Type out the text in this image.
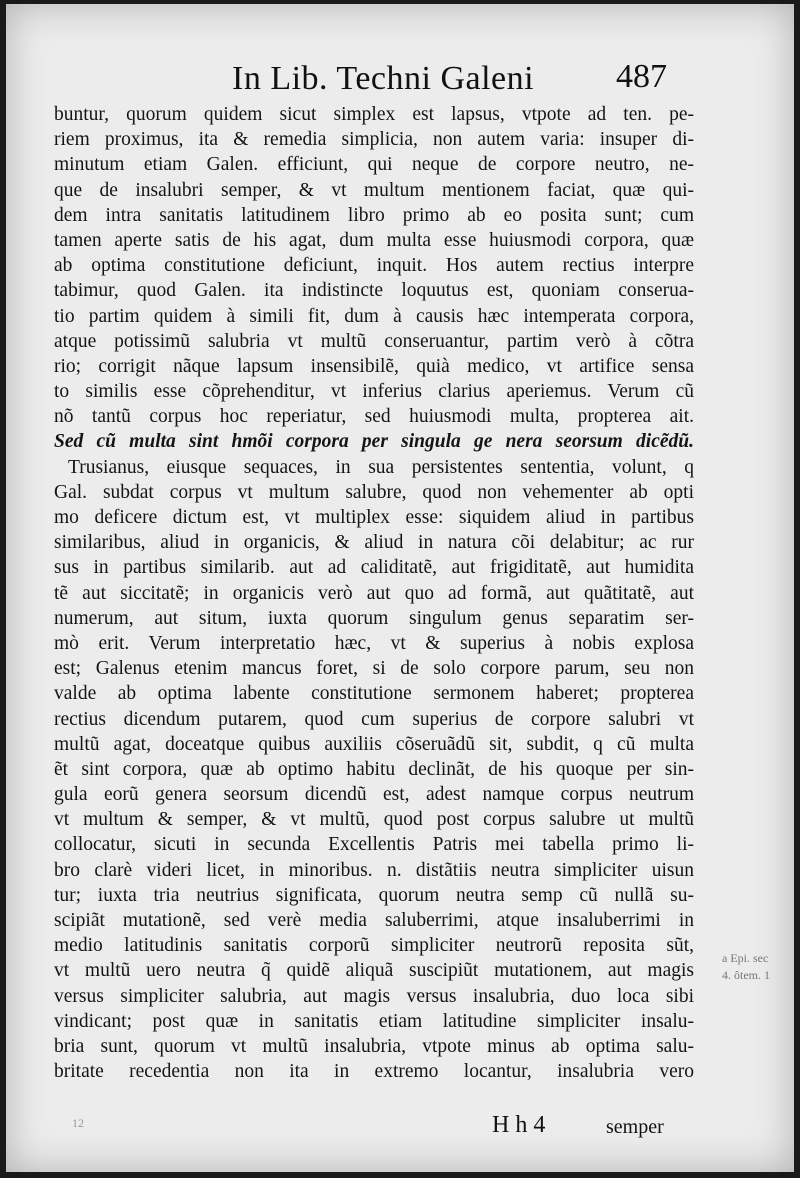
In Lib. Techni Galeni 487
buntur, quorum quidem sicut simplex est lapsus, vtpote ad ten. pe-
riem proximus, ita & remedia simplicia, non autem varia: insuper di-
minutum etiam Galen. efficiunt, qui neque de corpore neutro, ne-
que de insalubri semper, & vt multum mentionem faciat, quæ qui-
dem intra sanitatis latitudinem libro primo ab eo posita sunt; cum
tamen aperte satis de his agat, dum multa esse huiusmodi corpora, quæ
ab optima constitutione deficiunt, inquit. Hos autem rectius interpre
tabimur, quod Galen. ita indistincte loquutus est, quoniam conserua-
tio partim quidem à simili fit, dum à causis hæc intemperata corpora,
atque potissimũ salubria vt multũ conseruantur, partim verò à cõtra
rio; corrigit nãque lapsum insensibilẽ, quià medico, vt artifice sensa
to similis esse cõprehenditur, vt inferius clarius aperiemus. Verum cũ
nõ tantũ corpus hoc reperiatur, sed huiusmodi multa, propterea ait.
Sed cũ multa sint hmõi corpora per singula ge nera seorsum dicẽdũ.
Trusianus, eiusque sequaces, in sua persistentes sententia, volunt, q
Gal. subdat corpus vt multum salubre, quod non vehementer ab opti
mo deficere dictum est, vt multiplex esse: siquidem aliud in partibus
similaribus, aliud in organicis, & aliud in natura cõi delabitur; ac rur
sus in partibus similarib. aut ad caliditatẽ, aut frigiditatẽ, aut humidita
tẽ aut siccitatẽ; in organicis verò aut quo ad formã, aut quãtitatẽ, aut
numerum, aut situm, iuxta quorum singulum genus separatim ser-
mò erit. Verum interpretatio hæc, vt & superius à nobis explosa
est; Galenus etenim mancus foret, si de solo corpore parum, seu non
valde ab optima labente constitutione sermonem haberet; propterea
rectius dicendum putarem, quod cum superius de corpore salubri vt
multũ agat, doceatque quibus auxiliis cõseruãdũ sit, subdit, q cũ multa
ẽt sint corpora, quæ ab optimo habitu declinãt, de his quoque per sin-
gula eorũ genera seorsum dicendũ est, adest namque corpus neutrum
vt multum & semper, & vt multũ, quod post corpus salubre ut multũ
collocatur, sicuti in secunda Excellentis Patris mei tabella primo li-
bro clarè videri licet, in minoribus. n. distãtiis neutra simpliciter uisun
tur; iuxta tria neutrius significata, quorum neutra semp cũ nullã su-
scipiãt mutationẽ, sed verè media saluberrimi, atque insaluberrimi in
medio latitudinis sanitatis corporũ simpliciter neutrorũ reposita sũt,
vt multũ uero neutra q̃ quidẽ aliquã suscipiũt mutationem, aut magis
versus simpliciter salubria, aut magis versus insalubria, duo loca sibi
vindicant; post quæ in sanitatis etiam latitudine simpliciter insalu-
bria sunt, quorum vt multũ insalubria, vtpote minus ab optima salu-
britate recedentia non ita in extremo locantur, insalubria vero
a Epi. sec
4. ôtem. 1
12	H h 4	semper
